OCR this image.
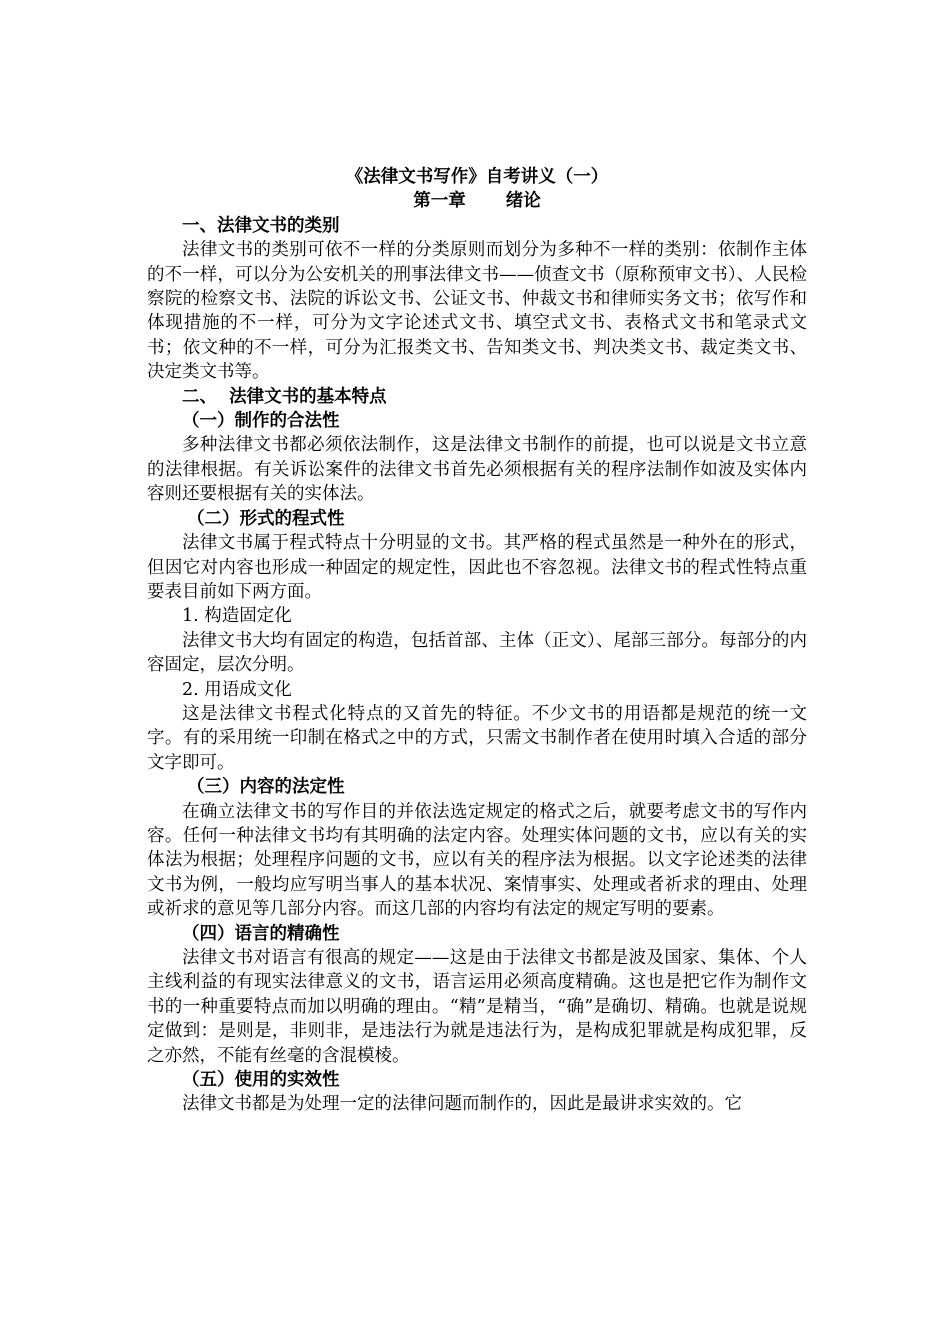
《法律文书写作》自考讲义（一）
第一章 绪论
一、法律文书的类别

法律文书的类别可依不一样的分类原则而划分为多种不一样的类别：依制作主体的不一样，可以分为公安机关的刑事法律文书——侦查文书（原称预审文书）、人民检察院的检察文书、法院的诉讼文书、公证文书、仲裁文书和律师实务文书；依写作和体现措施的不一样，可分为文字论述式文书、填空式文书、表格式文书和笔录式文书；依文种的不一样，可分为汇报类文书、告知类文书、判决类文书、裁定类文书、决定类文书等。

二、  法律文书的基本特点
（一）制作的合法性

多种法律文书都必须依法制作，这是法律文书制作的前提，也可以说是文书立意的法律根据。有关诉讼案件的法律文书首先必须根据有关的程序法制作如波及实体内容则还要根据有关的实体法。

（二）形式的程式性

法律文书属于程式特点十分明显的文书。其严格的程式虽然是一种外在的形式，但因它对内容也形成一种固定的规定性，因此也不容忽视。法律文书的程式性特点重要表目前如下两方面。

1. 构造固定化

法律文书大均有固定的构造，包括首部、主体（正文）、尾部三部分。每部分的内容固定，层次分明。

2. 用语成文化

这是法律文书程式化特点的又首先的特征。不少文书的用语都是规范的统一文字。有的采用统一印制在格式之中的方式，只需文书制作者在使用时填入合适的部分文字即可。

（三）内容的法定性

在确立法律文书的写作目的并依法选定规定的格式之后，就要考虑文书的写作内容。任何一种法律文书均有其明确的法定内容。处理实体问题的文书，应以有关的实体法为根据；处理程序问题的文书，应以有关的程序法为根据。以文字论述类的法律文书为例，一般均应写明当事人的基本状况、案情事实、处理或者祈求的理由、处理或祈求的意见等几部分内容。而这几部的内容均有法定的规定写明的要素。

（四）语言的精确性

法律文书对语言有很高的规定——这是由于法律文书都是波及国家、集体、个人主线利益的有现实法律意义的文书，语言运用必须高度精确。这也是把它作为制作文书的一种重要特点而加以明确的理由。“精”是精当，“确”是确切、精确。也就是说规定做到：是则是，非则非，是违法行为就是违法行为，是构成犯罪就是构成犯罪，反之亦然，不能有丝毫的含混模棱。

（五）使用的实效性

法律文书都是为处理一定的法律问题而制作的，因此是最讲求实效的。它
